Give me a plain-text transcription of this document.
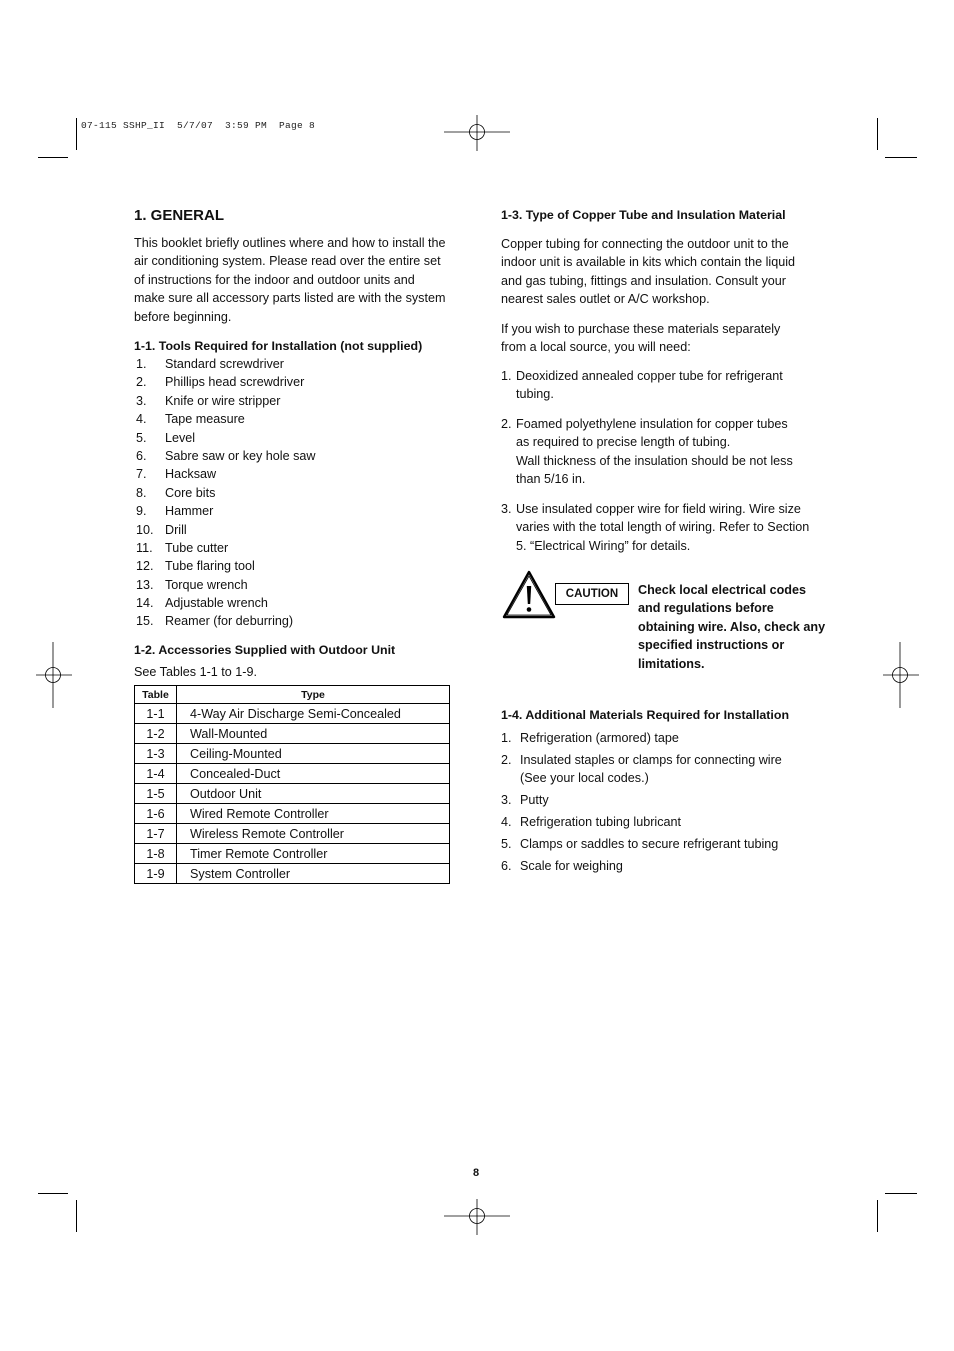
07-115 SSHP_II  5/7/07  3:59 PM  Page 8
1. GENERAL

This booklet briefly outlines where and how to install the air conditioning system. Please read over the entire set of instructions for the indoor and outdoor units and make sure all accessory parts listed are with the system before beginning.

1-1. Tools Required for Installation (not supplied)
1. Standard screwdriver
2. Phillips head screwdriver
3. Knife or wire stripper
4. Tape measure
5. Level
6. Sabre saw or key hole saw
7. Hacksaw
8. Core bits
9. Hammer
10. Drill
11. Tube cutter
12. Tube flaring tool
13. Torque wrench
14. Adjustable wrench
15. Reamer (for deburring)
1-2. Accessories Supplied with Outdoor Unit
See Tables 1-1 to 1-9.
Table	Type
1-1	4-Way Air Discharge Semi-Concealed
1-2	Wall-Mounted
1-3	Ceiling-Mounted
1-4	Concealed-Duct
1-5	Outdoor Unit
1-6	Wired Remote Controller
1-7	Wireless Remote Controller
1-8	Timer Remote Controller
1-9	System Controller
1-3. Type of Copper Tube and Insulation Material

Copper tubing for connecting the outdoor unit to the indoor unit is available in kits which contain the liquid and gas tubing, fittings and insulation. Consult your nearest sales outlet or A/C workshop.

If you wish to purchase these materials separately from a local source, you will need:

1. Deoxidized annealed copper tube for refrigerant tubing.
2. Foamed polyethylene insulation for copper tubes as required to precise length of tubing.
Wall thickness of the insulation should be not less than 5/16 in.
3. Use insulated copper wire for field wiring. Wire size varies with the total length of wiring. Refer to Section 5. “Electrical Wiring” for details.
CAUTION	Check local electrical codes and regulations before obtaining wire. Also, check any specified instructions or limitations.
1-4. Additional Materials Required for Installation
1. Refrigeration (armored) tape
2. Insulated staples or clamps for connecting wire (See your local codes.)
3. Putty
4. Refrigeration tubing lubricant
5. Clamps or saddles to secure refrigerant tubing
6. Scale for weighing
8
